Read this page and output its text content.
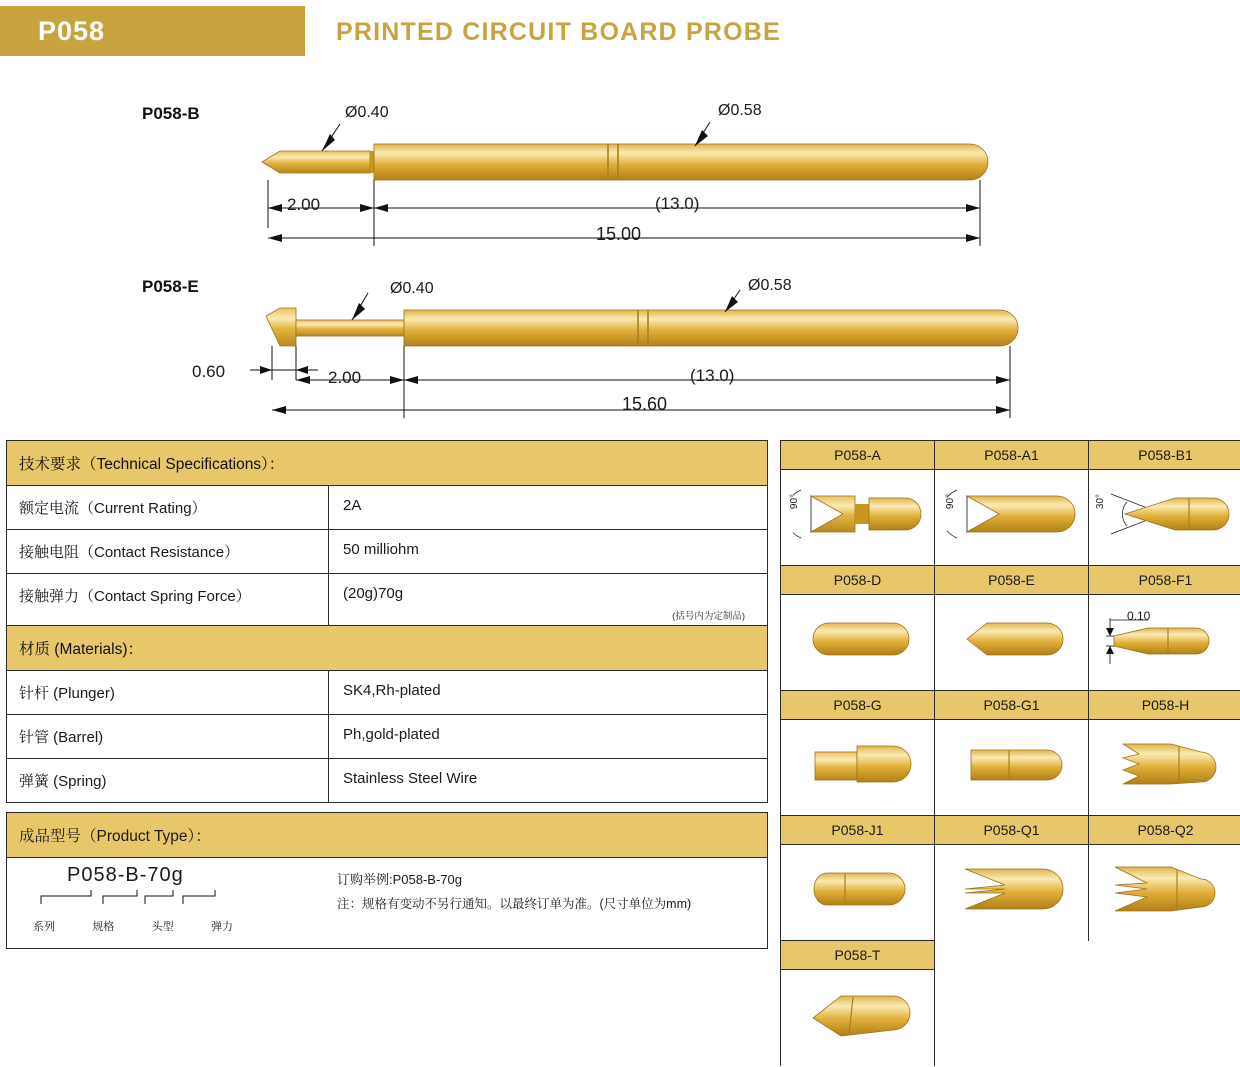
P058	PRINTED CIRCUIT BOARD PROBE
P058-B	Ø0.40	Ø0.58
2.00	(13.0)
15.00
P058-E	Ø0.40	Ø0.58
0.60	2.00	(13.0)
15.60
技术要求（Technical Specifications）：
额定电流（Current Rating）	2A
接触电阻（Contact Resistance）	50 milliohm
接触弹力（Contact Spring Force）	(20g)70g
(括号内为定制品)
材质 (Materials)：
针杆 (Plunger)	SK4,Rh-plated
针管 (Barrel)	Ph,gold-plated
弹簧 (Spring)	Stainless Steel Wire
成品型号（Product Type）：
P058-B-70g
系列	规格	头型	弹力
订购举例:P058-B-70g
注：规格有变动不另行通知。以最终订单为准。(尺寸单位为mm)
P058-A
90°
P058-A1
90°
P058-B1
30°
P058-D	P058-E	P058-F1
0.10
P058-G	P058-G1	P058-H
P058-J1	P058-Q1	P058-Q2
P058-T
